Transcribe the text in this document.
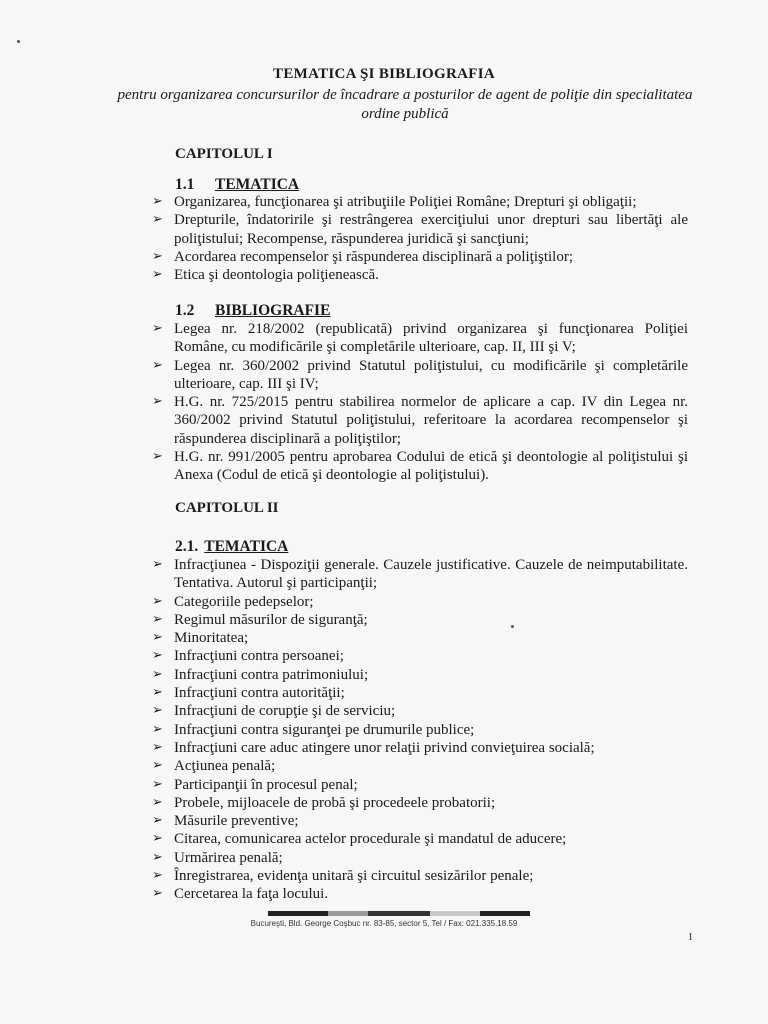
TEMATICA ŞI BIBLIOGRAFIA
pentru organizarea concursurilor de încadrare a posturilor de agent de poliţie din specialitatea ordine publică
CAPITOLUL I
1.1 TEMATICA
➢ Organizarea, funcţionarea şi atribuţiile Poliţiei Române; Drepturi şi obligaţii;
➢ Drepturile, îndatoririle şi restrângerea exerciţiului unor drepturi sau libertăţi ale poliţistului; Recompense, răspunderea juridică şi sancţiuni;
➢ Acordarea recompenselor şi răspunderea disciplinară a poliţiştilor;
➢ Etica şi deontologia poliţienească.
1.2 BIBLIOGRAFIE
➢ Legea nr. 218/2002 (republicată) privind organizarea şi funcţionarea Poliţiei Române, cu modificările şi completările ulterioare, cap. II, III şi V;
➢ Legea nr. 360/2002 privind Statutul poliţistului, cu modificările şi completările ulterioare, cap. III şi IV;
➢ H.G. nr. 725/2015 pentru stabilirea normelor de aplicare a cap. IV din Legea nr. 360/2002 privind Statutul poliţistului, referitoare la acordarea recompenselor şi răspunderea disciplinară a poliţiştilor;
➢ H.G. nr. 991/2005 pentru aprobarea Codului de etică şi deontologie al poliţistului şi Anexa (Codul de etică şi deontologie al poliţistului).
CAPITOLUL II
2.1. TEMATICA
➢ Infracţiunea - Dispoziţii generale. Cauzele justificative. Cauzele de neimputabilitate. Tentativa. Autorul şi participanţii;
➢ Categoriile pedepselor;
➢ Regimul măsurilor de siguranţă;
➢ Minoritatea;
➢ Infracţiuni contra persoanei;
➢ Infracţiuni contra patrimoniului;
➢ Infracţiuni contra autorităţii;
➢ Infracţiuni de corupţie şi de serviciu;
➢ Infracţiuni contra siguranţei pe drumurile publice;
➢ Infracţiuni care aduc atingere unor relaţii privind convieţuirea socială;
➢ Acţiunea penală;
➢ Participanţii în procesul penal;
➢ Probele, mijloacele de probă şi procedeele probatorii;
➢ Măsurile preventive;
➢ Citarea, comunicarea actelor procedurale şi mandatul de aducere;
➢ Urmărirea penală;
➢ Înregistrarea, evidenţa unitară şi circuitul sesizărilor penale;
➢ Cercetarea la faţa locului.
Bucureşti, Bld. George Coşbuc nr. 83-85, sector 5, Tel / Fax: 021.335.18.59
1
